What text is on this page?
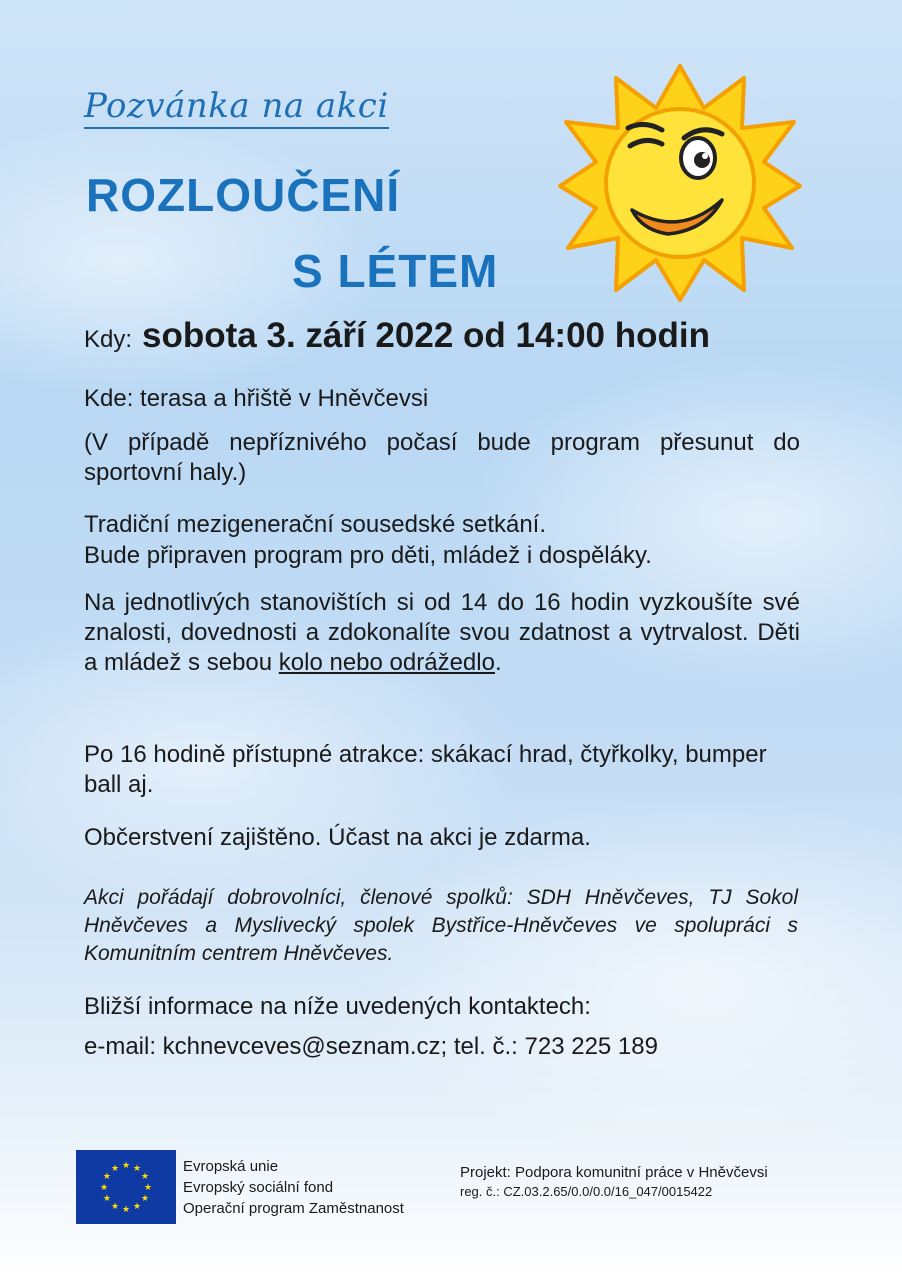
Pozvánka na akci
ROZLOUČENÍ
S LÉTEM
Kdy: sobota 3. září 2022 od 14:00 hodin
Kde: terasa a hřiště v Hněvčevsi
(V případě nepříznivého počasí bude program přesunut do sportovní haly.)
Tradiční mezigenerační sousedské setkání.
Bude připraven program pro děti, mládež i dospěláky.
Na jednotlivých stanovištích si od 14 do 16 hodin vyzkoušíte své znalosti, dovednosti a zdokonalíte svou zdatnost a vytrvalost. Děti a mládež s sebou kolo nebo odrážedlo.
Po 16 hodině přístupné atrakce: skákací hrad, čtyřkolky, bumper ball aj.
Občerstvení zajištěno. Účast na akci je zdarma.
Akci pořádají dobrovolníci, členové spolků: SDH Hněvčeves, TJ Sokol Hněvčeves a Myslivecký spolek Bystřice-Hněvčeves ve spolupráci s Komunitním centrem Hněvčeves.
Bližší informace na níže uvedených kontaktech:
e-mail: kchnevceves@seznam.cz; tel. č.: 723 225 189
★ ★
★
★
★
★
★
★
★
★
★
★	Evropská unie
Evropský sociální fond
Operační program Zaměstnanost
Projekt: Podpora komunitní práce v Hněvčevsi
reg. č.: CZ.03.2.65/0.0/0.0/16_047/0015422
